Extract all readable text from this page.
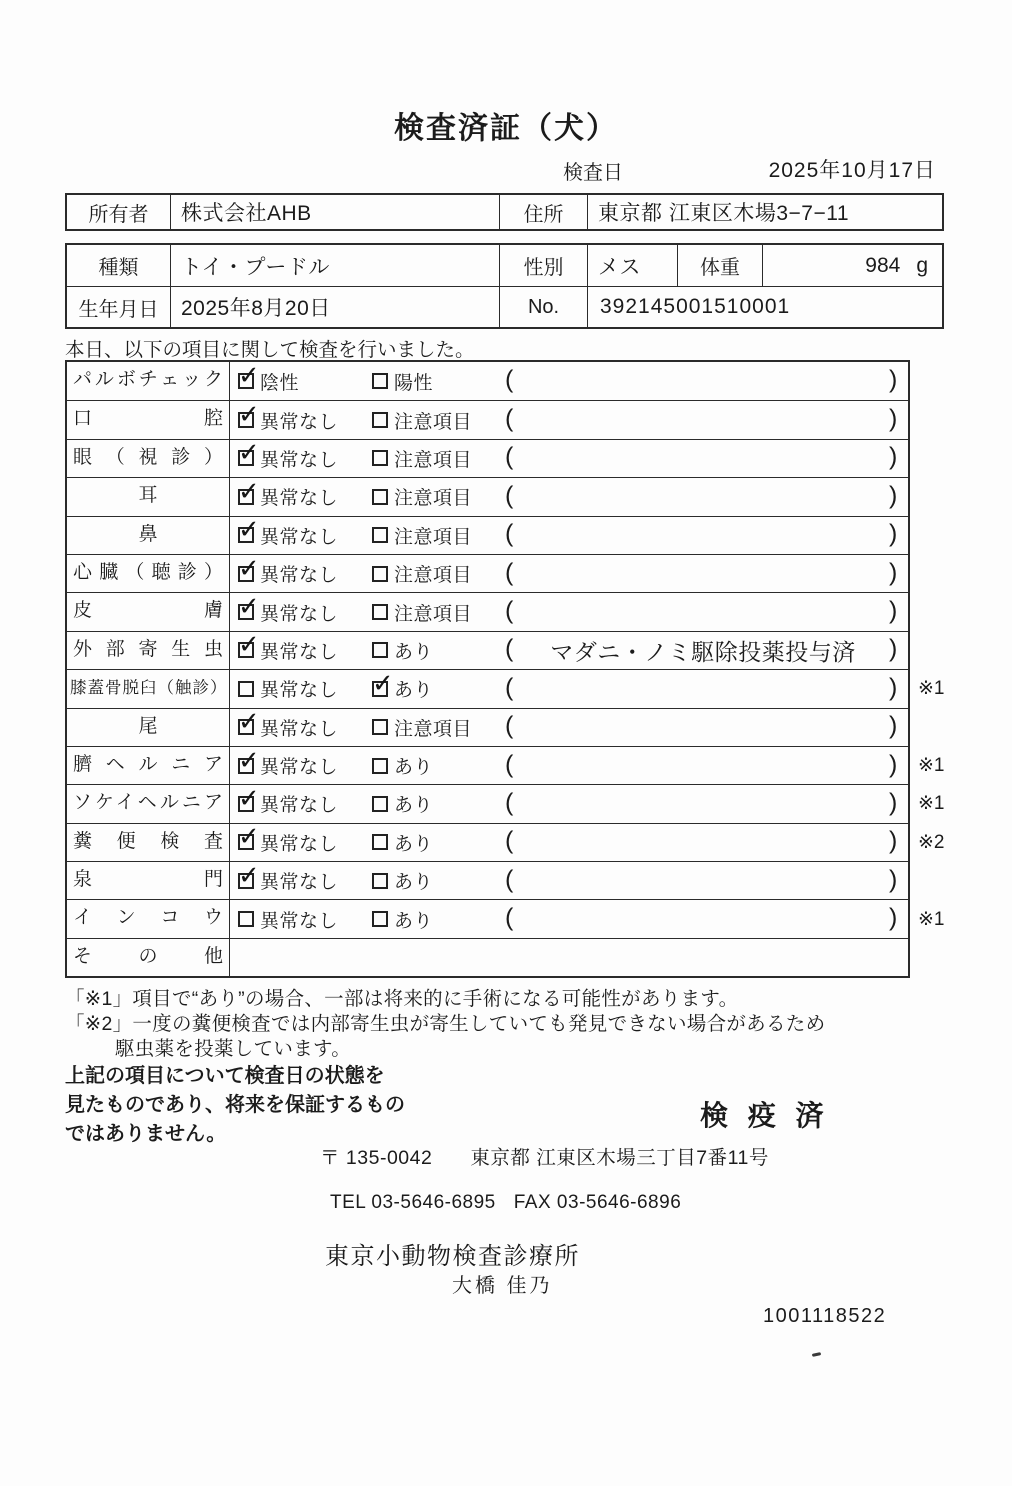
検査済証（犬）
検査日	2025年10月17日
所有者	株式会社AHB	住所	東京都 江東区木場3−7−11
種類	トイ・プードル	性別	メス	体重	984 g
生年月日	2025年8月20日	No.	392145001510001
本日、以下の項目に関して検査を行いました。
パルボチェック ✓	陰性	陽性	(	)
口腔 ✓	異常なし	注意項目 (	)
眼（視診） ✓	異常なし	注意項目 (	)
耳 ✓	異常なし	注意項目 (	)
鼻 ✓	異常なし	注意項目 (	)
心臓（聴診） ✓	異常なし	注意項目 (	)
皮膚 ✓	異常なし	注意項目 (	)
外部寄生虫 ✓	異常なし	あり	(	マダニ・ノミ駆除投薬投与済	)
膝蓋骨脱臼（触診） 異常なし ✓	あり	(	) ※1
尾 ✓	異常なし	注意項目 (	)
臍ヘルニア ✓	異常なし	あり	(	) ※1
ソケイヘルニア ✓	異常なし	あり	(	) ※1
糞便検査 ✓	異常なし	あり	(	) ※2
泉門 ✓	異常なし	あり	(	)
インコウ	異常なし	あり	(	) ※1
その他
「※1」項目で“あり”の場合、一部は将来的に手術になる可能性があります。
「※2」一度の糞便検査では内部寄生虫が寄生していても発見できない場合があるため
駆虫薬を投薬しています。
上記の項目について検査日の状態を
見たものであり、将来を保証するもの
ではありません。
検 疫 済
〒 135-0042 東京都 江東区木場三丁目7番11号
TEL 03-5646-6895 FAX 03-5646-6896
東京小動物検査診療所
大橋 佳乃
1001118522
